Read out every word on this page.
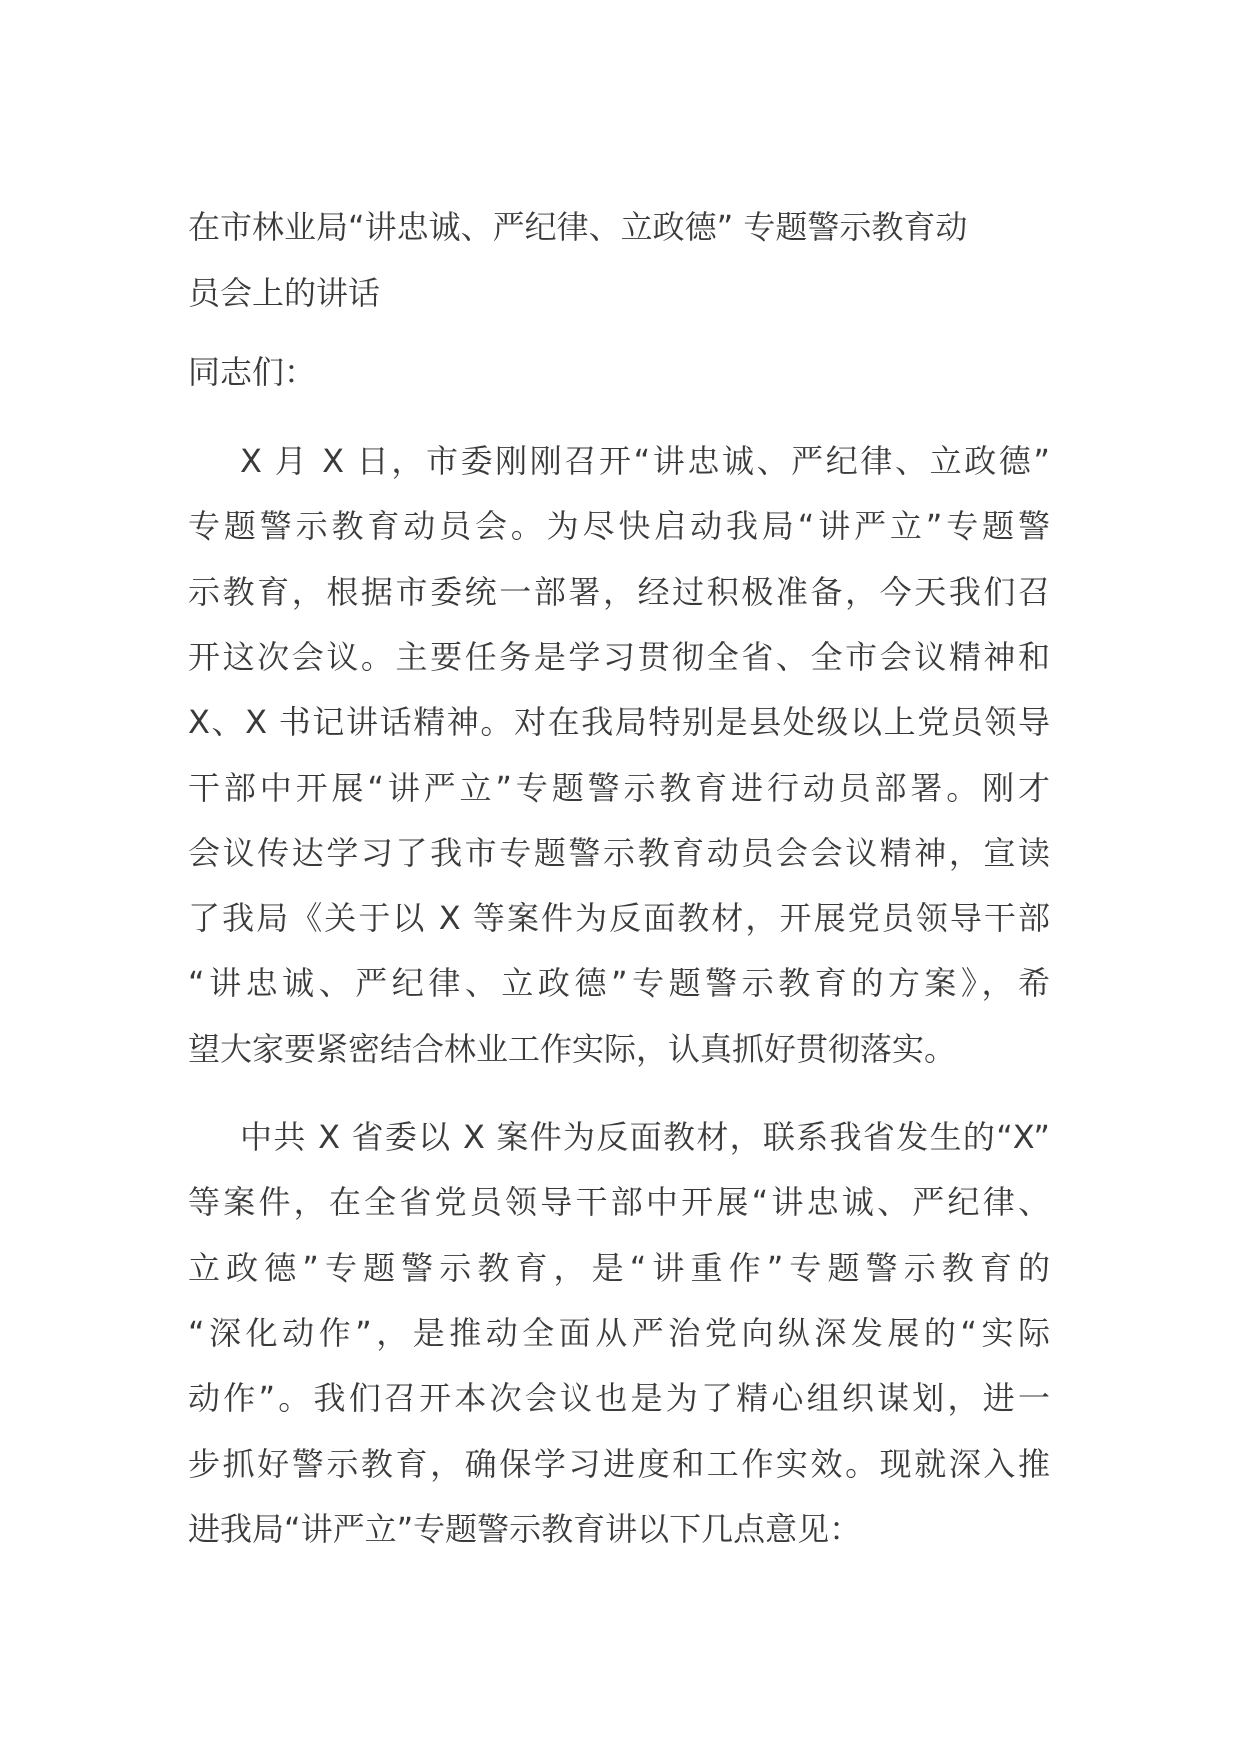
在市林业局“讲忠诚、严纪律、立政德” 专题警示教育动
员会上的讲话
同志们：
X 月 X 日，市委刚刚召开“讲忠诚、严纪律、立政德”
专题警示教育动员会。为尽快启动我局“讲严立”专题警
示教育，根据市委统一部署，经过积极准备，今天我们召
开这次会议。主要任务是学习贯彻全省、全市会议精神和
X、X 书记讲话精神。对在我局特别是县处级以上党员领导
干部中开展“讲严立”专题警示教育进行动员部署。刚才
会议传达学习了我市专题警示教育动员会会议精神，宣读
了我局《关于以 X 等案件为反面教材，开展党员领导干部
“讲忠诚、严纪律、立政德”专题警示教育的方案》，希
望大家要紧密结合林业工作实际，认真抓好贯彻落实。
中共 X 省委以 X 案件为反面教材，联系我省发生的“X”
等案件，在全省党员领导干部中开展“讲忠诚、严纪律、
立政德”专题警示教育，是“讲重作”专题警示教育的
“深化动作”，是推动全面从严治党向纵深发展的“实际
动作”。我们召开本次会议也是为了精心组织谋划，进一
步抓好警示教育，确保学习进度和工作实效。现就深入推
进我局“讲严立”专题警示教育讲以下几点意见：
